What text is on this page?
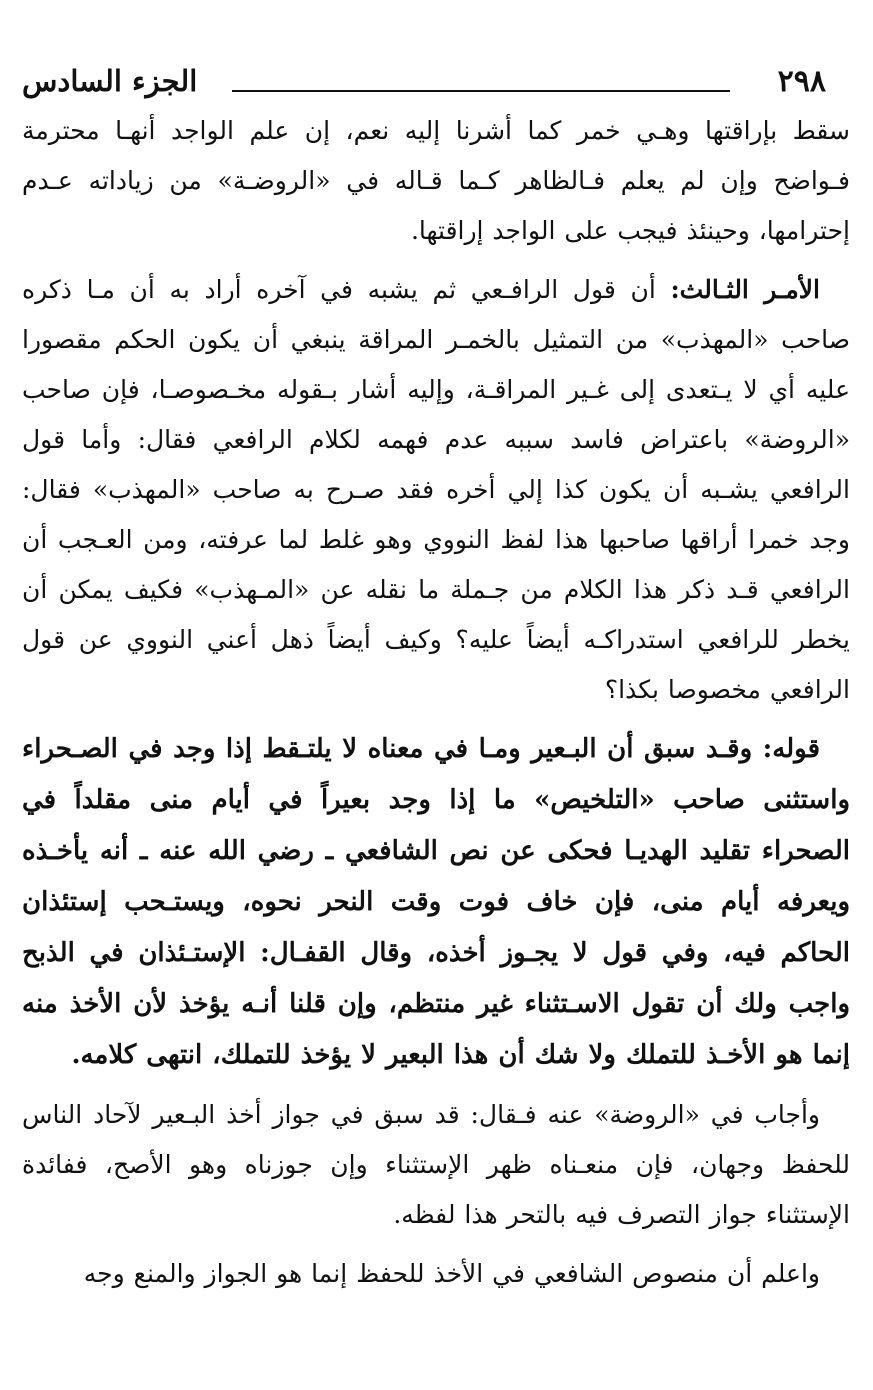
٢٩٨
الجزء السادس

سقط بإراقتها وهـي خمر كما أشرنا إليه نعم، إن علم الواجد أنهـا محترمة فـواضح وإن لم يعلم فـالظاهر كـما قـاله في «الروضـة» من زياداته عـدم إحترامها، وحينئذ فيجب على الواجد إراقتها.

الأمـر الثـالث: أن قول الرافـعي ثم يشبه في آخره أراد به أن مـا ذكره صاحب «المهذب» من التمثيل بالخمـر المراقة ينبغي أن يكون الحكم مقصورا عليه أي لا يـتعدى إلى غـير المراقـة، وإليه أشار بـقوله مخـصوصـا، فإن صاحب «الروضة» باعتراض فاسد سببه عدم فهمه لكلام الرافعي فقال: وأما قول الرافعي يشـبه أن يكون كذا إلي أخره فقد صـرح به صاحب «المهذب» فقال: وجد خمرا أراقها صاحبها هذا لفظ النووي وهو غلط لما عرفته، ومن العـجب أن الرافعي قـد ذكر هذا الكلام من جـملة ما نقله عن «المـهذب» فكيف يمكن أن يخطر للرافعي استدراكـه أيضاً عليه؟ وكيف أيضاً ذهل أعني النووي عن قول الرافعي مخصوصا بكذا؟

قوله: وقـد سبق أن البـعير ومـا في معناه لا يلتـقط إذا وجد في الصـحراء واستثنى صاحب «التلخيص» ما إذا وجد بعيراً في أيام منى مقلداً في الصحراء تقليد الهديـا فحكى عن نص الشافعي ـ رضي الله عنه ـ أنه يأخـذه ويعرفه أيام منى، فإن خاف فوت وقت النحر نحوه، ويستـحب إستئذان الحاكم فيه، وفي قول لا يجـوز أخذه، وقال القفـال: الإستـئذان في الذبح واجب ولك أن تقول الاسـتثناء غير منتظم، وإن قلنا أنـه يؤخذ لأن الأخذ منه إنما هو الأخـذ للتملك ولا شك أن هذا البعير لا يؤخذ للتملك، انتهى كلامه.

وأجاب في «الروضة» عنه فـقال: قد سبق في جواز أخذ البـعير لآحاد الناس للحفظ وجهان، فإن منعـناه ظهر الإستثناء وإن جوزناه وهو الأصح، ففائدة الإستثناء جواز التصرف فيه بالتحر هذا لفظه.

واعلم أن منصوص الشافعي في الأخذ للحفظ إنما هو الجواز والمنع وجه
